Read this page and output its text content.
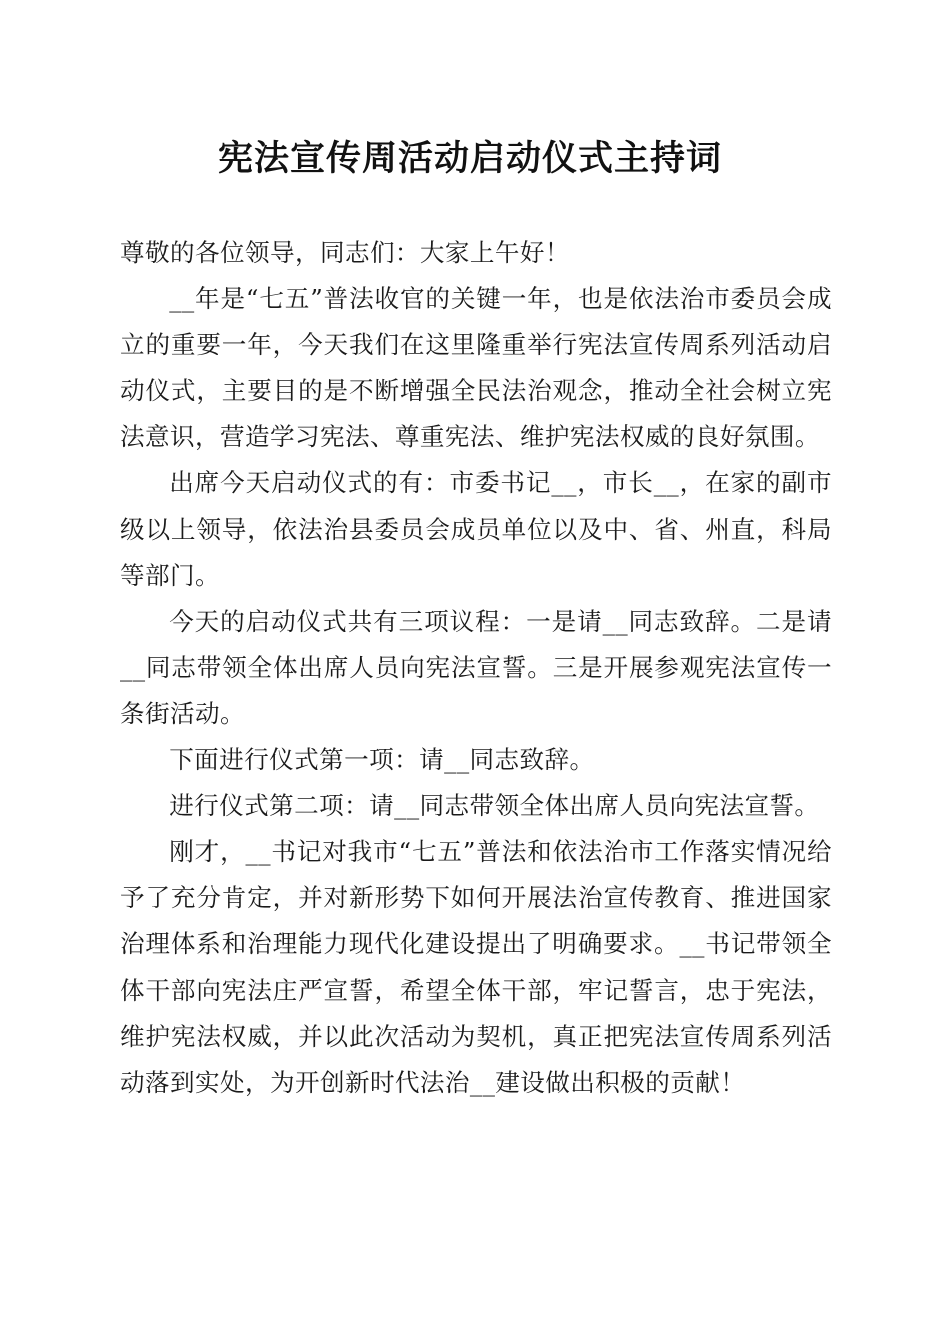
宪法宣传周活动启动仪式主持词

尊敬的各位领导，同志们：大家上午好！

__年是“七五”普法收官的关键一年，也是依法治市委员会成立的重要一年，今天我们在这里隆重举行宪法宣传周系列活动启动仪式，主要目的是不断增强全民法治观念，推动全社会树立宪法意识，营造学习宪法、尊重宪法、维护宪法权威的良好氛围。

出席今天启动仪式的有：市委书记__，市长__，在家的副市级以上领导，依法治县委员会成员单位以及中、省、州直，科局等部门。

今天的启动仪式共有三项议程：一是请__同志致辞。二是请__同志带领全体出席人员向宪法宣誓。三是开展参观宪法宣传一条街活动。

下面进行仪式第一项：请__同志致辞。

进行仪式第二项：请__同志带领全体出席人员向宪法宣誓。

刚才，__书记对我市“七五”普法和依法治市工作落实情况给予了充分肯定，并对新形势下如何开展法治宣传教育、推进国家治理体系和治理能力现代化建设提出了明确要求。__书记带领全体干部向宪法庄严宣誓，希望全体干部，牢记誓言，忠于宪法，维护宪法权威，并以此次活动为契机，真正把宪法宣传周系列活动落到实处，为开创新时代法治__建设做出积极的贡献！
